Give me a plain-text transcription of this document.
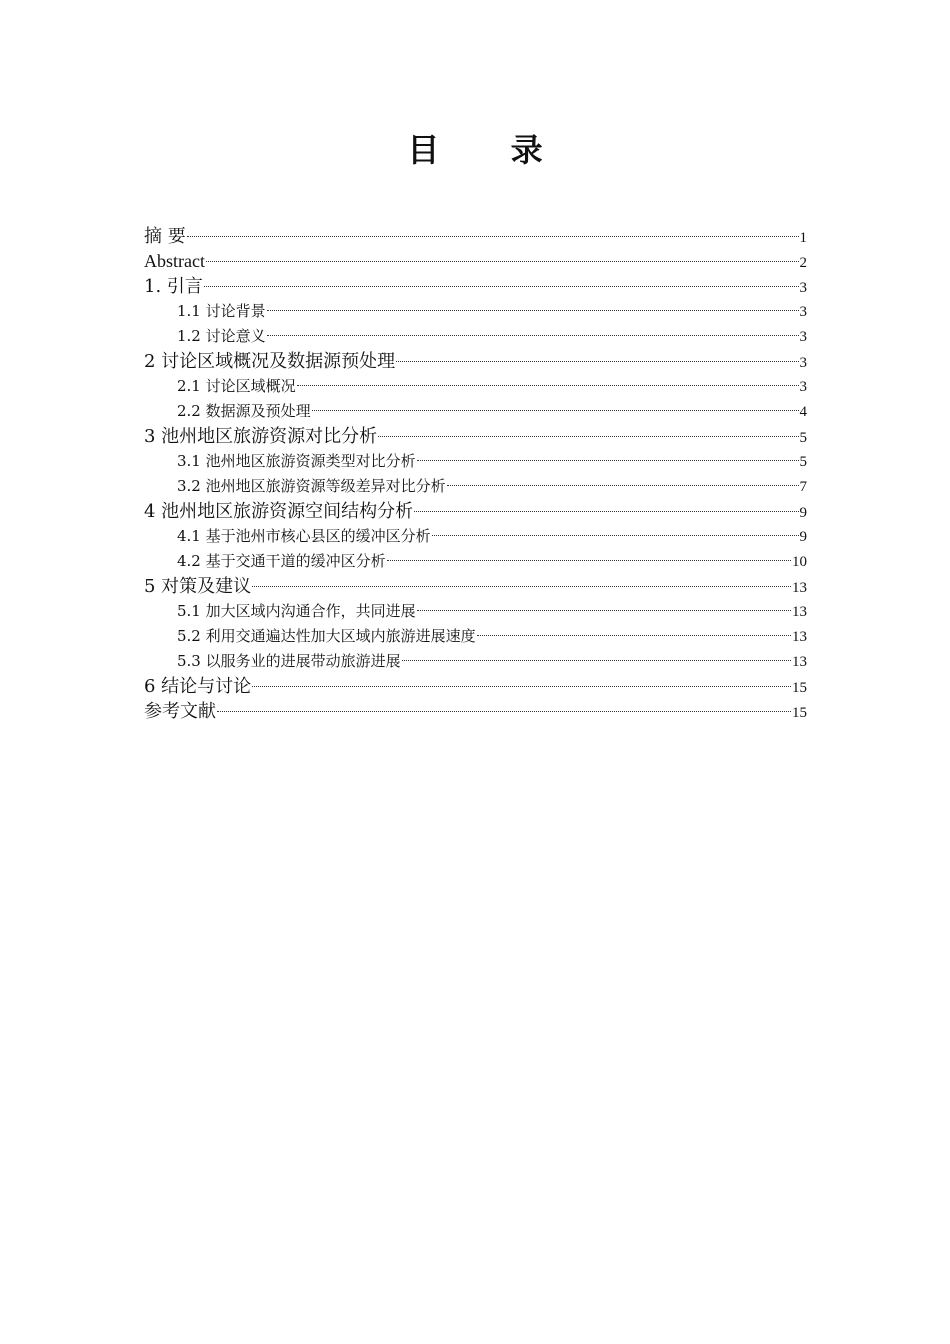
目 录
摘 要	1
Abstract	2
1. 引言	3
1.1 讨论背景	3
1.2 讨论意义	3
2 讨论区域概况及数据源预处理	3
2.1 讨论区域概况	3
2.2 数据源及预处理	4
3 池州地区旅游资源对比分析	5
3.1 池州地区旅游资源类型对比分析	5
3.2 池州地区旅游资源等级差异对比分析	7
4 池州地区旅游资源空间结构分析	9
4.1 基于池州市核心县区的缓冲区分析	9
4.2 基于交通干道的缓冲区分析	10
5 对策及建议	13
5.1 加大区域内沟通合作，共同进展	13
5.2 利用交通遍达性加大区域内旅游进展速度	13
5.3 以服务业的进展带动旅游进展	13
6 结论与讨论	15
参考文献	15
